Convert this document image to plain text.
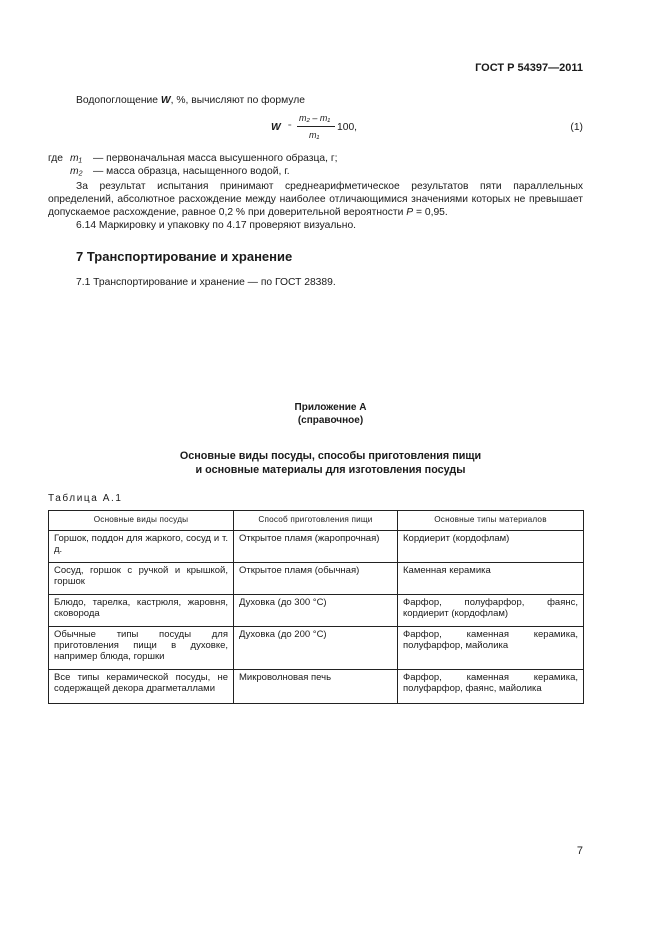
ГОСТ Р 54397—2011
Водопоглощение W, %, вычисляют по формуле
W =
m₂ – m₁
m₁
100,	(1)
где m₁ — первоначальная масса высушенного образца, г;
m₂ — масса образца, насыщенного водой, г.
За результат испытания принимают среднеарифметическое результатов пяти параллельных определений, абсолютное расхождение между наиболее отличающимися значениями которых не превышает допускаемое расхождение, равное 0,2 % при доверительной вероятности P = 0,95.
6.14 Маркировку и упаковку по 4.17 проверяют визуально.
7 Транспортирование и хранение
7.1 Транспортирование и хранение — по ГОСТ 28389.
Приложение А
(справочное)
Основные виды посуды, способы приготовления пищи
и основные материалы для изготовления посуды
Таблица А.1
Основные виды посуды	Способ приготовления пищи	Основные типы материалов
Горшок, поддон для жаркого, сосуд и т. д.	Открытое пламя (жаропрочная)	Кордиерит (кордофлам)
Сосуд, горшок с ручкой и крышкой, горшок	Открытое пламя (обычная)	Каменная керамика
Блюдо, тарелка, кастрюля, жаровня, сковорода	Духовка (до 300 °С)	Фарфор, полуфарфор, фаянс, кордиерит (кордофлам)
Обычные типы посуды для приготовления пищи в духовке, например блюда, горшки	Духовка (до 200 °С)	Фарфор, каменная керамика, полуфарфор, майолика
Все типы керамической посуды, не содержащей декора драгметаллами	Микроволновая печь	Фарфор, каменная керамика, полуфарфор, фаянс, майолика
7
